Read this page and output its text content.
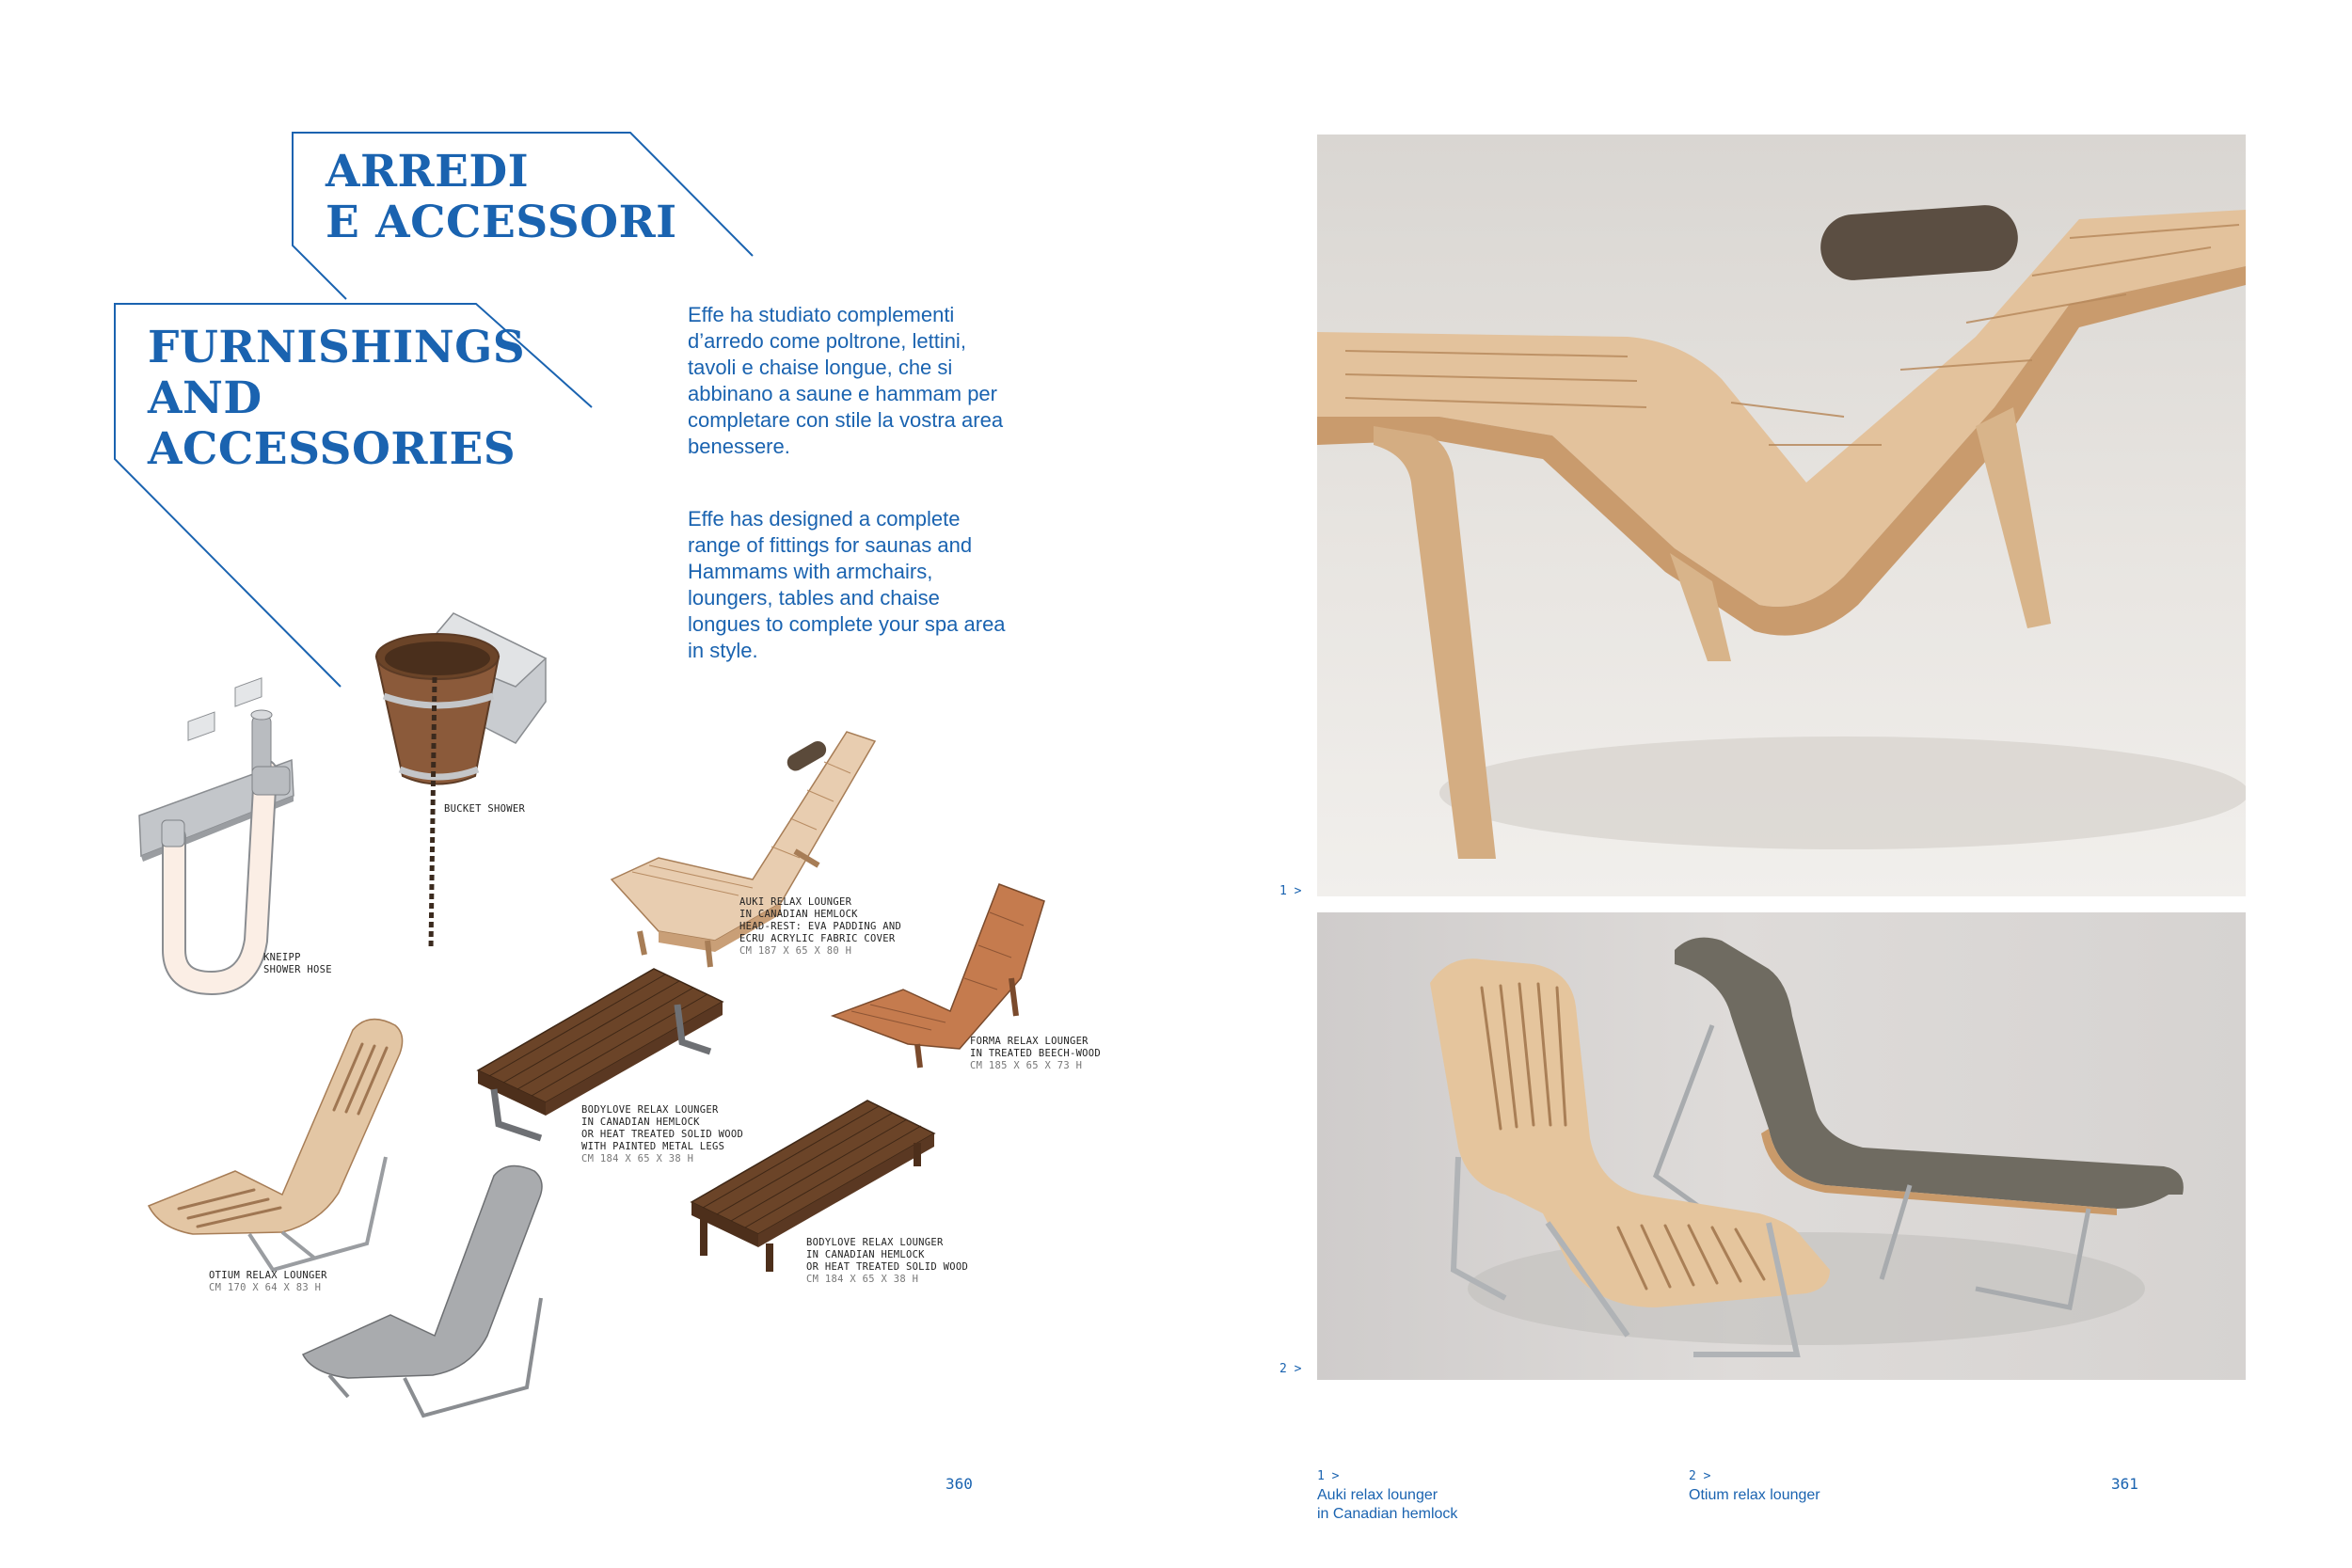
ARREDI
E ACCESSORI
FURNISHINGS
AND
ACCESSORIES
Effe ha studiato complementi d’arredo come poltrone, lettini, tavoli e chaise longue, che si abbinano a saune e hammam per completare con stile la vostra area benessere.
Effe has designed a complete range of fittings for saunas and Hammams with armchairs, loungers, tables and chaise longues to complete your spa area in style.
BUCKET SHOWER
KNEIPP
SHOWER HOSE
AUKI RELAX LOUNGER
IN CANADIAN HEMLOCK
HEAD-REST: EVA PADDING AND
ECRU ACRYLIC FABRIC COVER
CM 187 X 65 X 80 H
FORMA RELAX LOUNGER
IN TREATED BEECH-WOOD
CM 185 X 65 X 73 H
BODYLOVE RELAX LOUNGER
IN CANADIAN HEMLOCK
OR HEAT TREATED SOLID WOOD
WITH PAINTED METAL LEGS
CM 184 X 65 X 38 H
BODYLOVE RELAX LOUNGER
IN CANADIAN HEMLOCK
OR HEAT TREATED SOLID WOOD
CM 184 X 65 X 38 H
OTIUM RELAX LOUNGER
CM 170 X 64 X 83 H
360
1 >
2 >
1 >
Auki relax lounger
in Canadian hemlock
2 >
Otium relax lounger
361
